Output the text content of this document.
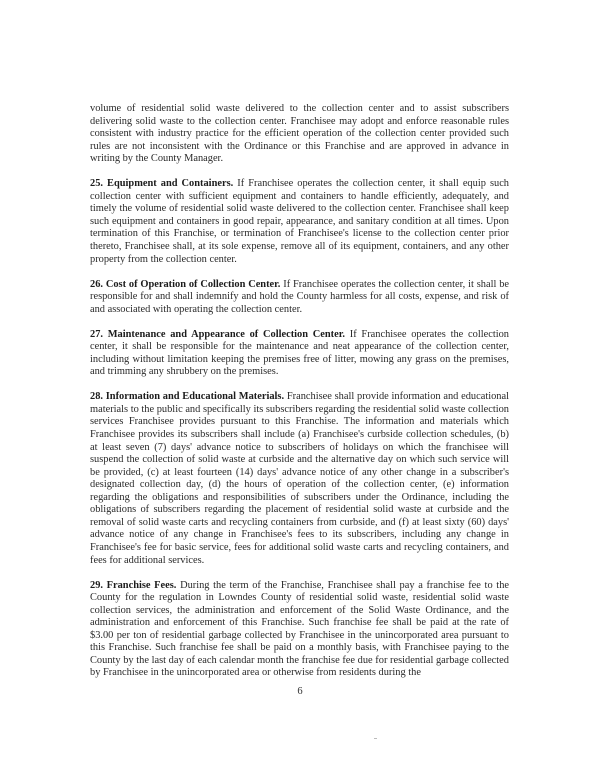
volume of residential solid waste delivered to the collection center and to assist subscribers delivering solid waste to the collection center. Franchisee may adopt and enforce reasonable rules consistent with industry practice for the efficient operation of the collection center provided such rules are not inconsistent with the Ordinance or this Franchise and are approved in advance in writing by the County Manager.

25. Equipment and Containers. If Franchisee operates the collection center, it shall equip such collection center with sufficient equipment and containers to handle efficiently, adequately, and timely the volume of residential solid waste delivered to the collection center. Franchisee shall keep such equipment and containers in good repair, appearance, and sanitary condition at all times. Upon termination of this Franchise, or termination of Franchisee's license to the collection center prior thereto, Franchisee shall, at its sole expense, remove all of its equipment, containers, and any other property from the collection center.

26. Cost of Operation of Collection Center. If Franchisee operates the collection center, it shall be responsible for and shall indemnify and hold the County harmless for all costs, expense, and risk of and associated with operating the collection center.

27. Maintenance and Appearance of Collection Center. If Franchisee operates the collection center, it shall be responsible for the maintenance and neat appearance of the collection center, including without limitation keeping the premises free of litter, mowing any grass on the premises, and trimming any shrubbery on the premises.

28. Information and Educational Materials. Franchisee shall provide information and educational materials to the public and specifically its subscribers regarding the residential solid waste collection services Franchisee provides pursuant to this Franchise. The information and materials which Franchisee provides its subscribers shall include (a) Franchisee's curbside collection schedules, (b) at least seven (7) days' advance notice to subscribers of holidays on which the franchisee will suspend the collection of solid waste at curbside and the alternative day on which such service will be provided, (c) at least fourteen (14) days' advance notice of any other change in a subscriber's designated collection day, (d) the hours of operation of the collection center, (e) information regarding the obligations and responsibilities of subscribers under the Ordinance, including the obligations of subscribers regarding the placement of residential solid waste at curbside and the removal of solid waste carts and recycling containers from curbside, and (f) at least sixty (60) days' advance notice of any change in Franchisee's fees to its subscribers, including any change in Franchisee's fee for basic service, fees for additional solid waste carts and recycling containers, and fees for additional services.

29. Franchise Fees. During the term of the Franchise, Franchisee shall pay a franchise fee to the County for the regulation in Lowndes County of residential solid waste, residential solid waste collection services, the administration and enforcement of the Solid Waste Ordinance, and the administration and enforcement of this Franchise. Such franchise fee shall be paid at the rate of $3.00 per ton of residential garbage collected by Franchisee in the unincorporated area pursuant to this Franchise. Such franchise fee shall be paid on a monthly basis, with Franchisee paying to the County by the last day of each calendar month the franchise fee due for residential garbage collected by Franchisee in the unincorporated area or otherwise from residents during the

6
